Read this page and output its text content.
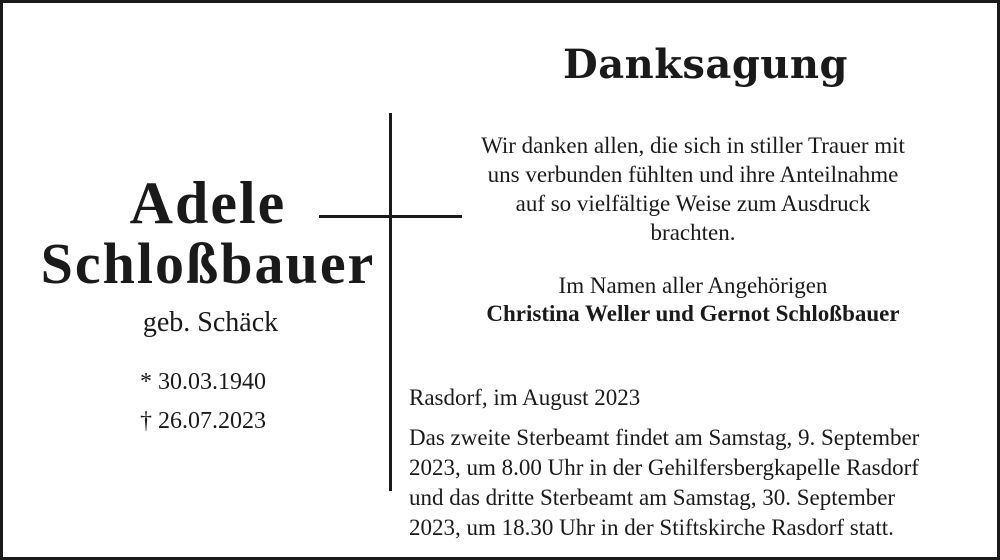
Danksagung
Adele
Schloßbauer
geb. Schäck
* 30.03.1940
† 26.07.2023
Wir danken allen, die sich in stiller Trauer mit
uns verbunden fühlten und ihre Anteilnahme
auf so vielfältige Weise zum Ausdruck
brachten.
Im Namen aller Angehörigen
Christina Weller und Gernot Schloßbauer
Rasdorf, im August 2023
Das zweite Sterbeamt findet am Samstag, 9. September
2023, um 8.00 Uhr in der Gehilfersbergkapelle Rasdorf
und das dritte Sterbeamt am Samstag, 30. September
2023, um 18.30 Uhr in der Stiftskirche Rasdorf statt.
